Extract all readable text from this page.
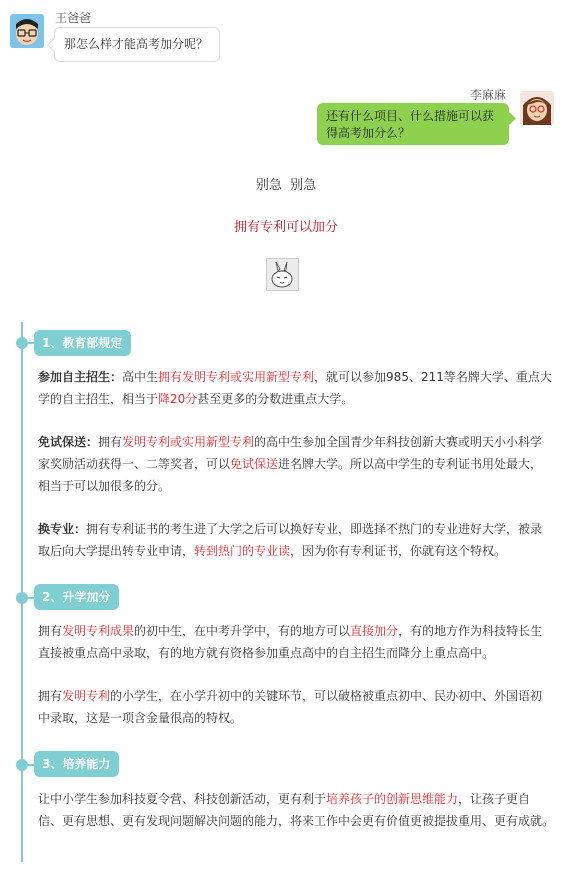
王爸爸
那怎么样才能高考加分呢？
李麻麻
还有什么项目、什么措施可以获得高考加分么？
别急  别急
拥有专利可以加分
1、教育部规定
参加自主招生：高中生拥有发明专利或实用新型专利，就可以参加985、211等名牌大学、重点大学的自主招生，相当于降20分甚至更多的分数进重点大学。
免试保送：拥有发明专利或实用新型专利的高中生参加全国青少年科技创新大赛或明天小小科学家奖励活动获得一、二等奖者，可以免试保送进名牌大学。所以高中学生的专利证书用处最大，相当于可以加很多的分。
换专业：拥有专利证书的考生进了大学之后可以换好专业，即选择不热门的专业进好大学，被录取后向大学提出转专业申请，转到热门的专业读，因为你有专利证书，你就有这个特权。
2、升学加分
拥有发明专利成果的初中生，在中考升学中，有的地方可以直接加分，有的地方作为科技特长生直接被重点高中录取，有的地方就有资格参加重点高中的自主招生而降分上重点高中。
拥有发明专利的小学生，在小学升初中的关键环节，可以破格被重点初中、民办初中、外国语初中录取，这是一项含金量很高的特权。
3、培养能力
让中小学生参加科技夏令营、科技创新活动，更有利于培养孩子的创新思维能力，让孩子更自信、更有思想、更有发现问题解决问题的能力，将来工作中会更有价值更被提拔重用、更有成就。
